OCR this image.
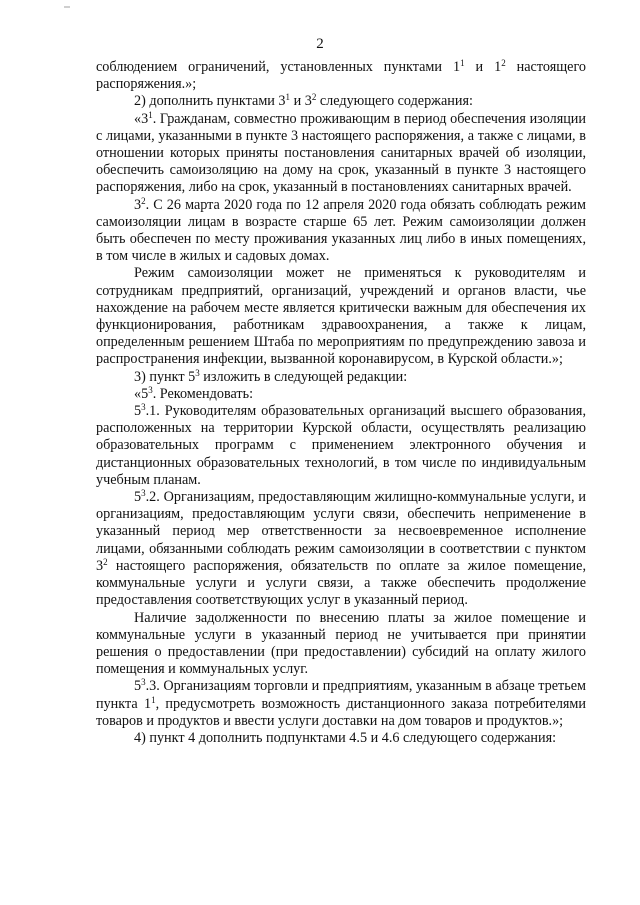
2

соблюдением ограничений, установленных пунктами $1^1$ и $1^2$ настоящего распоряжения.»;

2) дополнить пунктами $3^1$ и $3^2$ следующего содержания:

«$3^1$. Гражданам, совместно проживающим в период обеспечения изоляции с лицами, указанными в пункте 3 настоящего распоряжения, а также с лицами, в отношении которых приняты постановления санитарных врачей об изоляции, обеспечить самоизоляцию на дому на срок, указанный в пункте 3 настоящего распоряжения, либо на срок, указанный в постановлениях санитарных врачей.

$3^2$. С 26 марта 2020 года по 12 апреля 2020 года обязать соблюдать режим самоизоляции лицам в возрасте старше 65 лет. Режим самоизоляции должен быть обеспечен по месту проживания указанных лиц либо в иных помещениях, в том числе в жилых и садовых домах.

Режим самоизоляции может не применяться к руководителям и сотрудникам предприятий, организаций, учреждений и органов власти, чье нахождение на рабочем месте является критически важным для обеспечения их функционирования, работникам здравоохранения, а также к лицам, определенным решением Штаба по мероприятиям по предупреждению завоза и распространения инфекции, вызванной коронавирусом, в Курской области.»;

3) пункт $5^3$ изложить в следующей редакции:

«$5^3$. Рекомендовать:

$5^3.1$. Руководителям образовательных организаций высшего образования, расположенных на территории Курской области, осуществлять реализацию образовательных программ с применением электронного обучения и дистанционных образовательных технологий, в том числе по индивидуальным учебным планам.

$5^3.2$. Организациям, предоставляющим жилищно-коммунальные услуги, и организациям, предоставляющим услуги связи, обеспечить неприменение в указанный период мер ответственности за несвоевременное исполнение лицами, обязанными соблюдать режим самоизоляции в соответствии с пунктом $3^2$ настоящего распоряжения, обязательств по оплате за жилое помещение, коммунальные услуги и услуги связи, а также обеспечить продолжение предоставления соответствующих услуг в указанный период.

Наличие задолженности по внесению платы за жилое помещение и коммунальные услуги в указанный период не учитывается при принятии решения о предоставлении (при предоставлении) субсидий на оплату жилого помещения и коммунальных услуг.

$5^3.3$. Организациям торговли и предприятиям, указанным в абзаце третьем пункта $1^1$, предусмотреть возможность дистанционного заказа потребителями товаров и продуктов и ввести услуги доставки на дом товаров и продуктов.»;

4) пункт 4 дополнить подпунктами 4.5 и 4.6 следующего содержания:
